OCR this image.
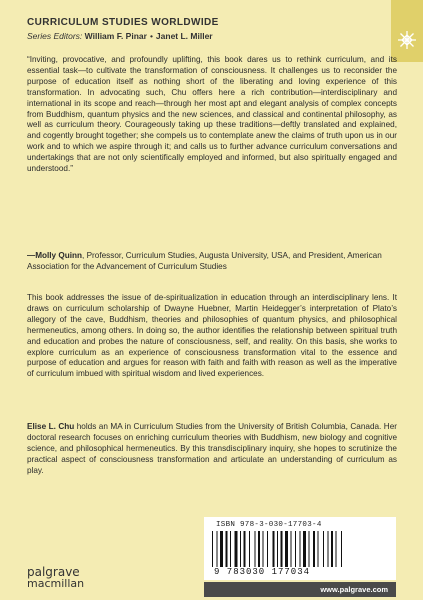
CURRICULUM STUDIES WORLDWIDE
Series Editors: William F. Pinar • Janet L. Miller
“Inviting, provocative, and profoundly uplifting, this book dares us to rethink curriculum, and its essential task—to cultivate the transformation of consciousness. It challenges us to reconsider the purpose of education itself as nothing short of the liberating and loving experience of this transformation. In advocating such, Chu offers here a rich contribution—interdisciplinary and international in its scope and reach—through her most apt and elegant analysis of complex concepts from Buddhism, quantum physics and the new sciences, and classical and continental philosophy, as well as curriculum theory. Courageously taking up these traditions—deftly translated and explained, and cogently brought together; she compels us to contemplate anew the claims of truth upon us in our work and to which we aspire through it; and calls us to further advance curriculum conversations and undertakings that are not only scientifically employed and informed, but also spiritually engaged and understood.”
—Molly Quinn, Professor, Curriculum Studies, Augusta University, USA, and President, American Association for the Advancement of Curriculum Studies
This book addresses the issue of de-spiritualization in education through an interdisciplinary lens. It draws on curriculum scholarship of Dwayne Huebner, Martin Heidegger’s interpretation of Plato’s allegory of the cave, Buddhism, theories and philosophies of quantum physics, and philosophical hermeneutics, among others. In doing so, the author identifies the relationship between spiritual truth and education and probes the nature of consciousness, self, and reality. On this basis, she works to explore curriculum as an experience of consciousness transformation vital to the essence and purpose of education and argues for reason with faith and faith with reason as well as the imperative of curriculum imbued with spiritual wisdom and lived experiences.
Elise L. Chu holds an MA in Curriculum Studies from the University of British Columbia, Canada. Her doctoral research focuses on enriching curriculum theories with Buddhism, new biology and cognitive science, and philosophical hermeneutics. By this transdisciplinary inquiry, she hopes to scrutinize the practical aspect of consciousness transformation and articulate an understanding of curriculum as play.
ISBN 978-3-030-17703-4
9 783030 177034
www.palgrave.com
palgrave
macmillan
